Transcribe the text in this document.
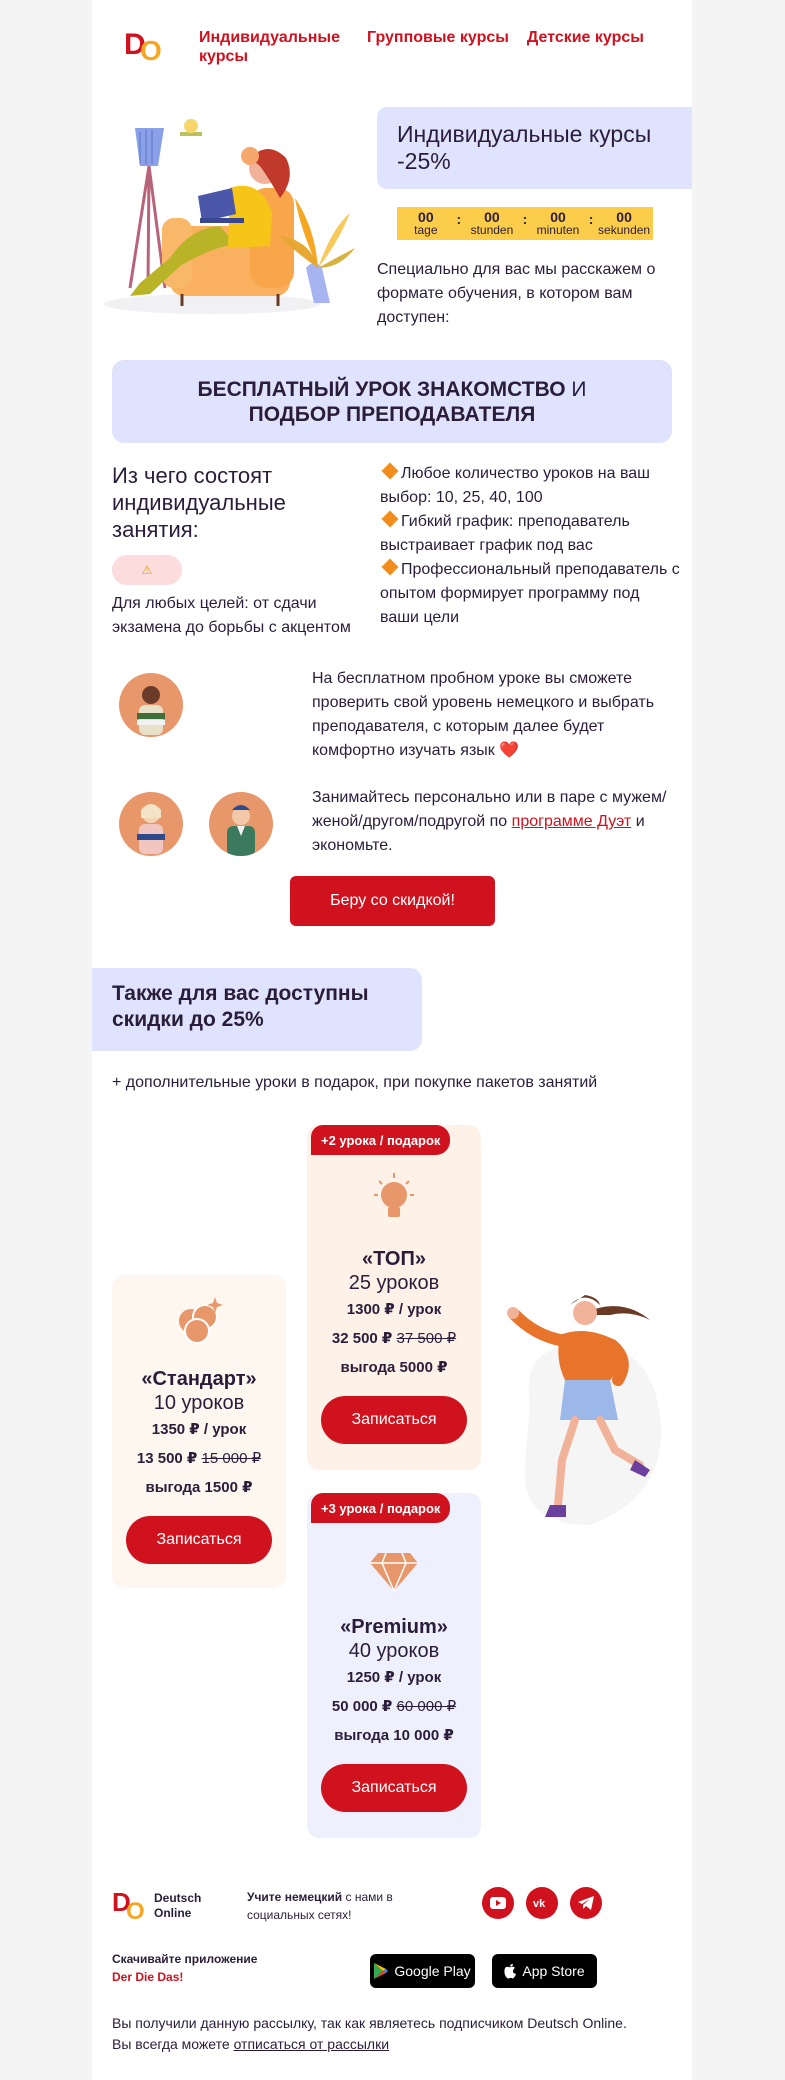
D
O Индивидуальные курсы
Групповые курсы Детские курсы
Индивидуальные курсы -25%
00
tage
: 00
stunden
: 00
minuten
: 00
sekunden

Специально для вас мы расскажем о формате обучения, в котором вам доступен:

БЕСПЛАТНЫЙ УРОК ЗНАКОМСТВО И
ПОДБОР ПРЕПОДАВАТЕЛЯ

Из чего состоят индивидуальные занятия:
⚠

Для любых целей: от сдачи экзамена до борьбы с акцентом

Любое количество уроков на ваш выбор: 10, 25, 40, 100
Гибкий график: преподаватель выстраивает график под вас
Профессиональный преподаватель с опытом формирует программу под ваши цели

На бесплатном пробном уроке вы сможете проверить свой уровень немецкого и выбрать преподавателя, с которым далее будет комфортно изучать язык ❤️

Занимайтесь персонально или в паре с мужем/женой/другом/подругой по программе Дуэт и экономьте.

Беру со скидкой!
Также для вас доступны скидки до 25%

+ дополнительные уроки в подарок, при покупке пакетов занятий

«Стандарт»
10 уроков
1350 ₽ / урок
13 500 ₽ 15 000 ₽
выгода 1500 ₽
Записаться
+2 урока / подарок
«ТОП»
25 уроков
1300 ₽ / урок
32 500 ₽ 37 500 ₽
выгода 5000 ₽
Записаться
+3 урока / подарок
«Premium»
40 уроков
1250 ₽ / урок
50 000 ₽ 60 000 ₽
выгода 10 000 ₽
Записаться
D
O Deutsch
Online

Учите немецкий с нами в социальных сетях!

vk

Скачивайте приложение
Der Die Das!	Google Play	App Store

Вы получили данную рассылку, так как являетесь подписчиком Deutsch Online.
Вы всегда можете отписаться от рассылки
